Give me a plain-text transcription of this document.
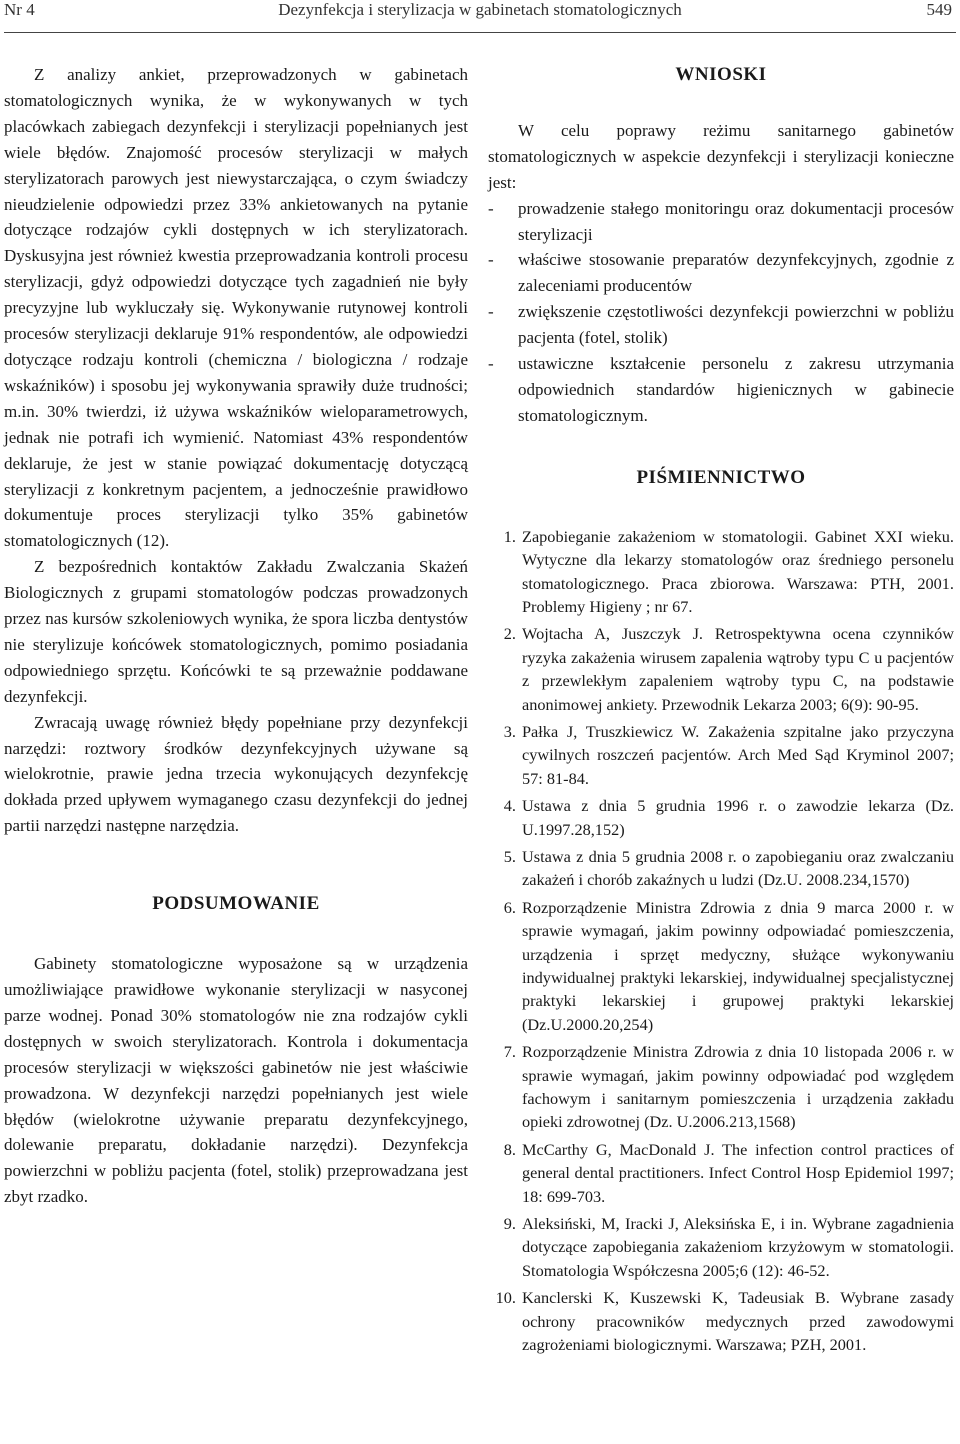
Nr 4	Dezynfekcja i sterylizacja w gabinetach stomatologicznych	549

Z analizy ankiet, przeprowadzonych w gabinetach stomatologicznych wynika, że w wykonywanych w tych placówkach zabiegach dezynfekcji i sterylizacji popełnianych jest wiele błędów. Znajomość procesów sterylizacji w małych sterylizatorach parowych jest niewystarczająca, o czym świadczy nieudzielenie odpowiedzi przez 33% ankietowanych na pytanie dotyczące rodzajów cykli dostępnych w ich sterylizatorach. Dyskusyjna jest również kwestia przeprowadzania kontroli procesu sterylizacji, gdyż odpowiedzi dotyczące tych zagadnień nie były precyzyjne lub wykluczały się. Wykonywanie rutynowej kontroli procesów sterylizacji deklaruje 91% respondentów, ale odpowiedzi dotyczące rodzaju kontroli (chemiczna / biologiczna / rodzaje wskaźników) i sposobu jej wykonywania sprawiły duże trudności; m.in. 30% twierdzi, iż używa wskaźników wieloparametrowych, jednak nie potrafi ich wymienić. Natomiast 43% respondentów deklaruje, że jest w stanie powiązać dokumentację dotyczącą sterylizacji z konkretnym pacjentem, a jednocześnie prawidłowo dokumentuje proces sterylizacji tylko 35% gabinetów stomatologicznych (12).

Z bezpośrednich kontaktów Zakładu Zwalczania Skażeń Biologicznych z grupami stomatologów podczas prowadzonych przez nas kursów szkoleniowych wynika, że spora liczba dentystów nie sterylizuje końcówek stomatologicznych, pomimo posiadania odpowiedniego sprzętu. Końcówki te są przeważnie poddawane dezynfekcji.

Zwracają uwagę również błędy popełniane przy dezynfekcji narzędzi: roztwory środków dezynfekcyjnych używane są wielokrotnie, prawie jedna trzecia wykonujących dezynfekcję dokłada przed upływem wymaganego czasu dezynfekcji do jednej partii narzędzi następne narzędzia.

PODSUMOWANIE

Gabinety stomatologiczne wyposażone są w urządzenia umożliwiające prawidłowe wykonanie sterylizacji w nasyconej parze wodnej. Ponad 30% stomatologów nie zna rodzajów cykli dostępnych w swoich sterylizatorach. Kontrola i dokumentacja procesów sterylizacji w większości gabinetów nie jest właściwie prowadzona. W dezynfekcji narzędzi popełnianych jest wiele błędów (wielokrotne używanie preparatu dezynfekcyjnego, dolewanie preparatu, dokładanie narzędzi). Dezynfekcja powierzchni w pobliżu pacjenta (fotel, stolik) przeprowadzana jest zbyt rzadko.

WNIOSKI

W celu poprawy reżimu sanitarnego gabinetów stomatologicznych w aspekcie dezynfekcji i sterylizacji konieczne jest:

- prowadzenie stałego monitoringu oraz dokumentacji procesów sterylizacji
- właściwe stosowanie preparatów dezynfekcyjnych, zgodnie z zaleceniami producentów
- zwiększenie częstotliwości dezynfekcji powierzchni w pobliżu pacjenta (fotel, stolik)
- ustawiczne kształcenie personelu z zakresu utrzymania odpowiednich standardów higienicznych w gabinecie stomatologicznym.
PIŚMIENNICTWO
1. Zapobieganie zakażeniom w stomatologii. Gabinet XXI wieku. Wytyczne dla lekarzy stomatologów oraz średniego personelu stomatologicznego. Praca zbiorowa. Warszawa: PTH, 2001. Problemy Higieny ; nr 67.
2. Wojtacha A, Juszczyk J. Retrospektywna ocena czynników ryzyka zakażenia wirusem zapalenia wątroby typu C u pacjentów z przewlekłym zapaleniem wątroby typu C, na podstawie anonimowej ankiety. Przewodnik Lekarza 2003; 6(9): 90-95.
3. Pałka J, Truszkiewicz W. Zakażenia szpitalne jako przyczyna cywilnych roszczeń pacjentów. Arch Med Sąd Kryminol 2007; 57: 81-84.
4. Ustawa z dnia 5 grudnia 1996 r. o zawodzie lekarza (Dz. U.1997.28,152)
5. Ustawa z dnia 5 grudnia 2008 r. o zapobieganiu oraz zwalczaniu zakażeń i chorób zakaźnych u ludzi (Dz.U. 2008.234,1570)
6. Rozporządzenie Ministra Zdrowia z dnia 9 marca 2000 r. w sprawie wymagań, jakim powinny odpowiadać pomieszczenia, urządzenia i sprzęt medyczny, służące wykonywaniu indywidualnej praktyki lekarskiej, indywidualnej specjalistycznej praktyki lekarskiej i grupowej praktyki lekarskiej (Dz.U.2000.20,254)
7. Rozporządzenie Ministra Zdrowia z dnia 10 listopada 2006 r. w sprawie wymagań, jakim powinny odpowiadać pod względem fachowym i sanitarnym pomieszczenia i urządzenia zakładu opieki zdrowotnej (Dz. U.2006.213,1568)
8. McCarthy G, MacDonald J. The infection control practices of general dental practitioners. Infect Control Hosp Epidemiol 1997; 18: 699-703.
9. Aleksiński, M, Iracki J, Aleksińska E, i in. Wybrane zagadnienia dotyczące zapobiegania zakażeniom krzyżowym w stomatologii. Stomatologia Współczesna 2005;6 (12): 46-52.
10. Kanclerski K, Kuszewski K, Tadeusiak B. Wybrane zasady ochrony pracowników medycznych przed zawodowymi zagrożeniami biologicznymi. Warszawa; PZH, 2001.
